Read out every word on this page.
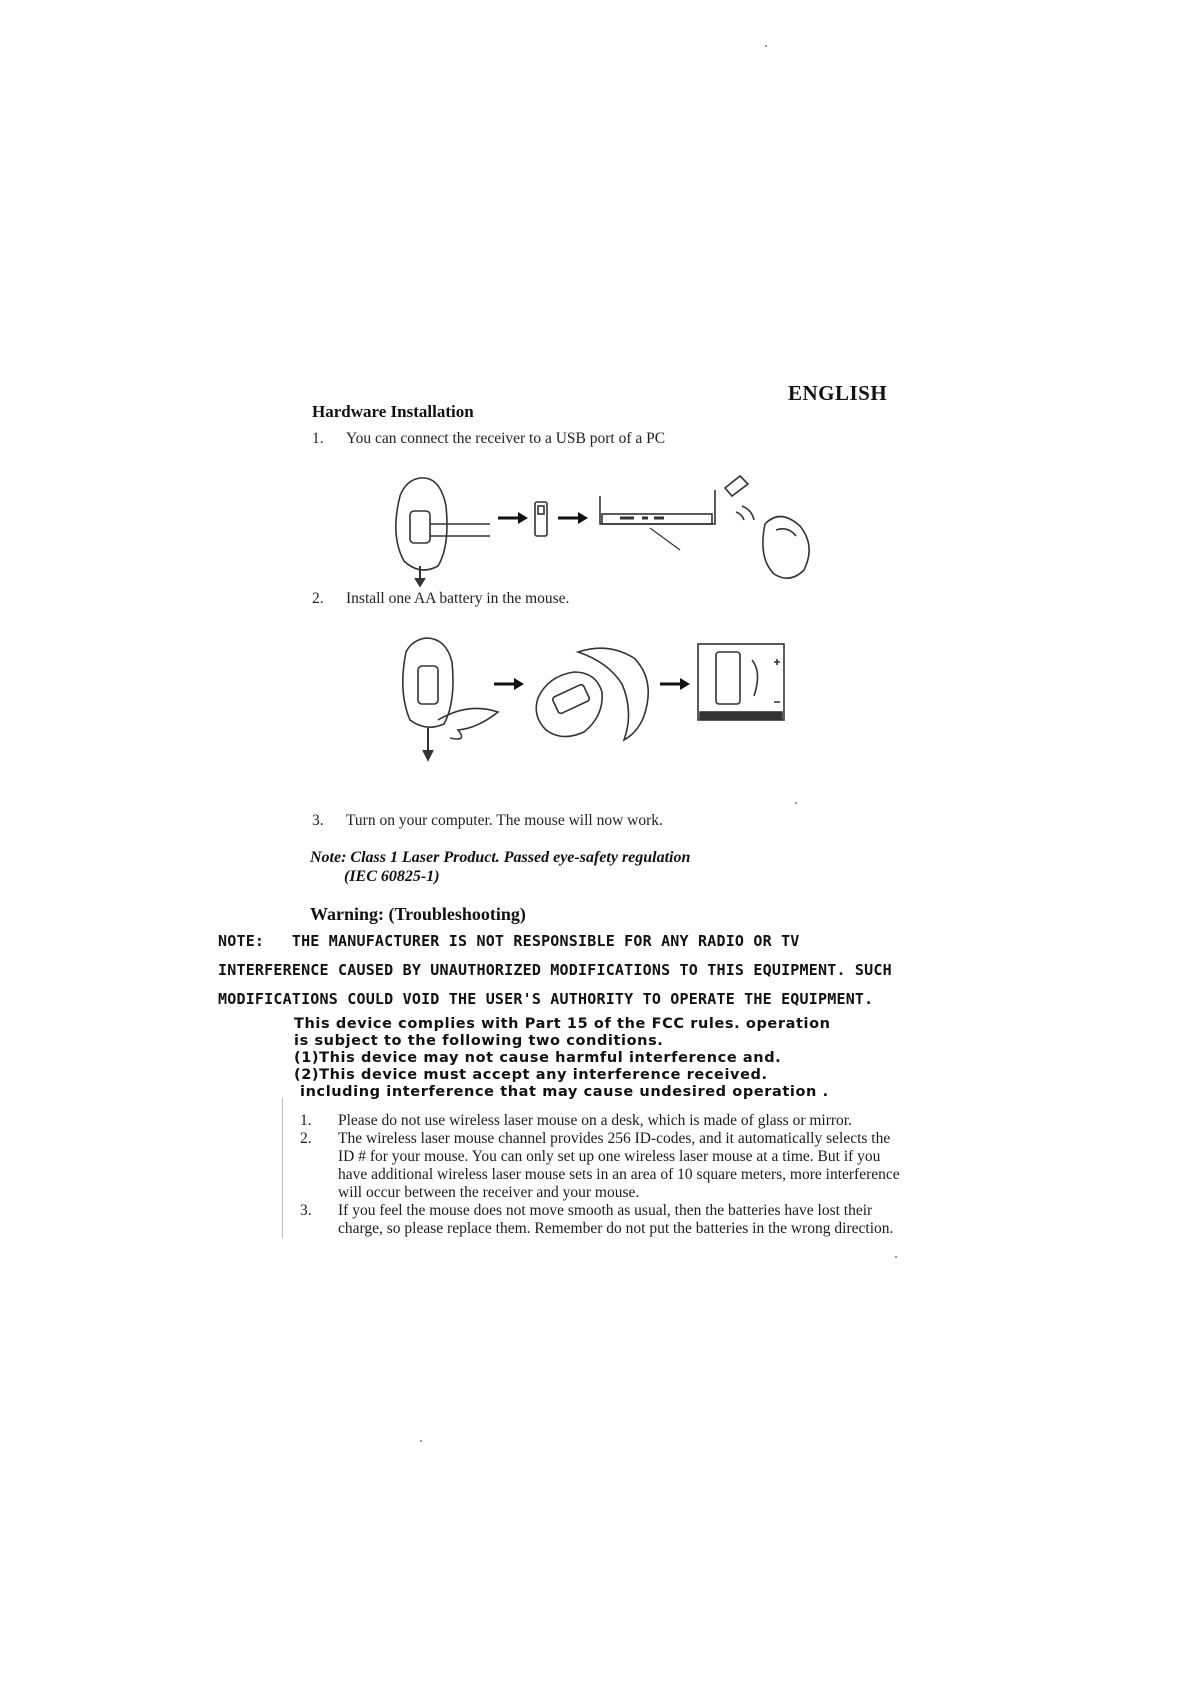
ENGLISH
Hardware Installation
1. You can connect the receiver to a USB port of a PC
2. Install one AA battery in the mouse.
3. Turn on your computer. The mouse will now work.
Note: Class 1 Laser Product. Passed eye-safety regulation
(IEC 60825-1)
Warning: (Troubleshooting)
NOTE:   THE MANUFACTURER IS NOT RESPONSIBLE FOR ANY RADIO OR TV
INTERFERENCE CAUSED BY UNAUTHORIZED MODIFICATIONS TO THIS EQUIPMENT. SUCH
MODIFICATIONS COULD VOID THE USER'S AUTHORITY TO OPERATE THE EQUIPMENT.
This device complies with Part 15 of the FCC rules. operation
is subject to the following two conditions.
(1)This device may not cause harmful interference and.
(2)This device must accept any interference received.
including interference that may cause undesired operation .
1.	Please do not use wireless laser mouse on a desk, which is made of glass or mirror.
2.	The wireless laser mouse channel provides 256 ID-codes, and it automatically selects the ID # for your mouse. You can only set up one wireless laser mouse at a time. But if you have additional wireless laser mouse sets in an area of 10 square meters, more interference will occur between the receiver and your mouse.
3.	If you feel the mouse does not move smooth as usual, then the batteries have lost their charge, so please replace them. Remember do not put the batteries in the wrong direction.
